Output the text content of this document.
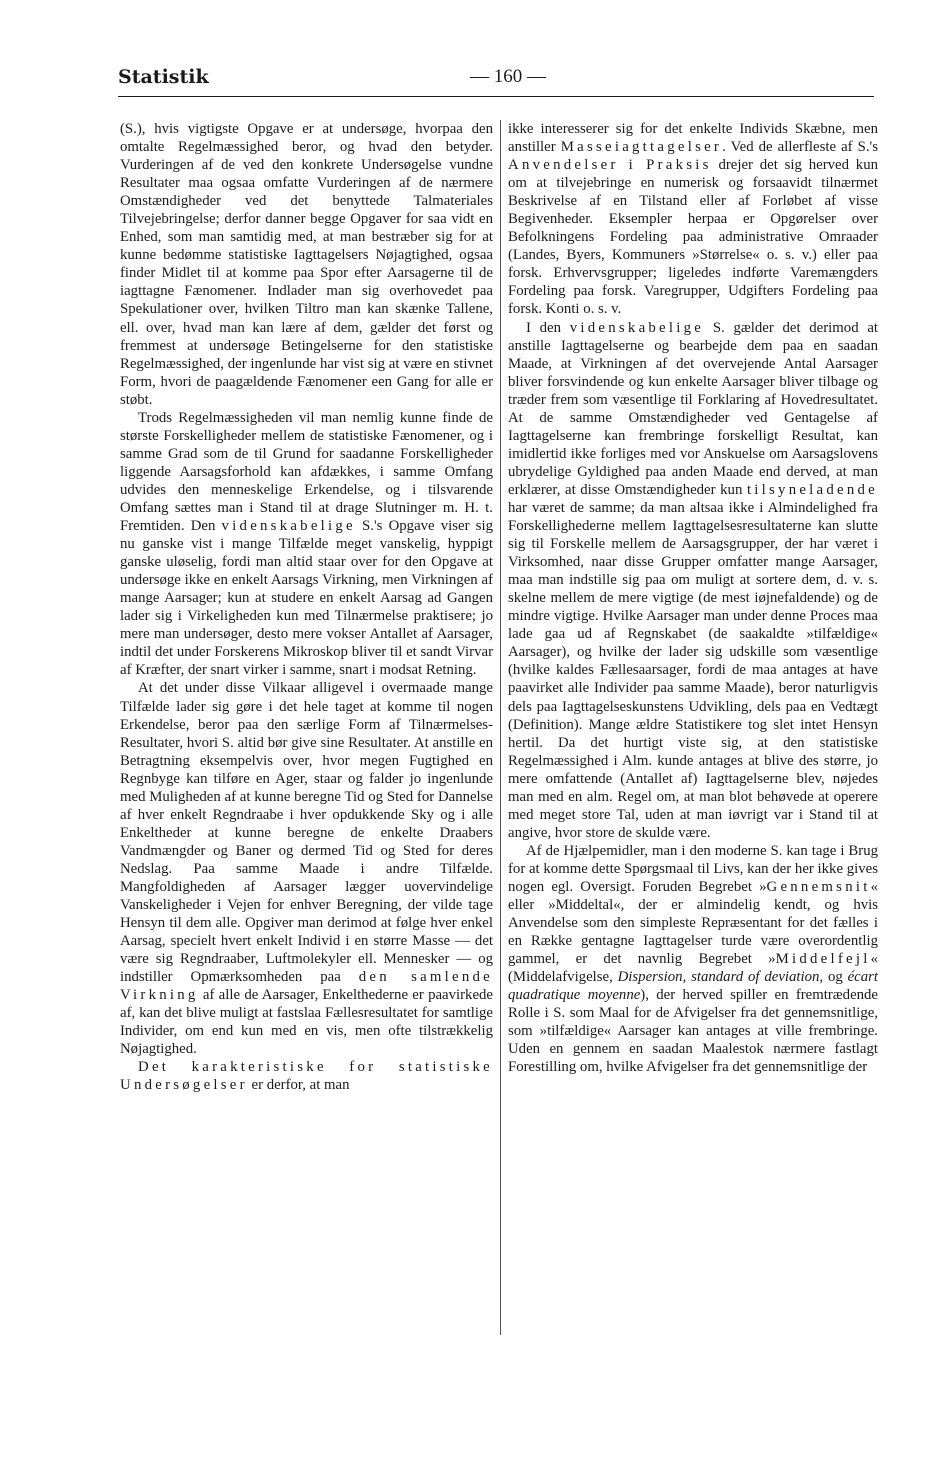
Statistik	— 160 —

(S.), hvis vigtigste Opgave er at undersøge, hvorpaa den omtalte Regelmæssighed beror, og hvad den betyder. Vurderingen af de ved den konkrete Undersøgelse vundne Resultater maa ogsaa omfatte Vurderingen af de nærmere Omstændigheder ved det benyttede Talmateriales Tilvejebringelse; derfor danner begge Opgaver for saa vidt en Enhed, som man samtidig med, at man bestræber sig for at kunne bedømme statistiske Iagttagelsers Nøjagtighed, ogsaa finder Midlet til at komme paa Spor efter Aarsagerne til de iagttagne Fænomener. Indlader man sig overhovedet paa Spekulationer over, hvilken Tiltro man kan skænke Tallene, ell. over, hvad man kan lære af dem, gælder det først og fremmest at undersøge Betingelserne for den statistiske Regelmæssighed, der ingenlunde har vist sig at være en stivnet Form, hvori de paagældende Fænomener een Gang for alle er støbt.

Trods Regelmæssigheden vil man nemlig kunne finde de største Forskelligheder mellem de statistiske Fænomener, og i samme Grad som de til Grund for saadanne Forskelligheder liggende Aarsagsforhold kan afdækkes, i samme Omfang udvides den menneskelige Erkendelse, og i tilsvarende Omfang sættes man i Stand til at drage Slutninger m. H. t. Fremtiden. Den videnskabelige S.'s Opgave viser sig nu ganske vist i mange Tilfælde meget vanskelig, hyppigt ganske uløselig, fordi man altid staar over for den Opgave at undersøge ikke en enkelt Aarsags Virkning, men Virkningen af mange Aarsager; kun at studere en enkelt Aarsag ad Gangen lader sig i Virkeligheden kun med Tilnærmelse praktisere; jo mere man undersøger, desto mere vokser Antallet af Aarsager, indtil det under Forskerens Mikroskop bliver til et sandt Virvar af Kræfter, der snart virker i samme, snart i modsat Retning.

At det under disse Vilkaar alligevel i overmaade mange Tilfælde lader sig gøre i det hele taget at komme til nogen Erkendelse, beror paa den særlige Form af Tilnærmelses-Resultater, hvori S. altid bør give sine Resultater. At anstille en Betragtning eksempelvis over, hvor megen Fugtighed en Regnbyge kan tilføre en Ager, staar og falder jo ingenlunde med Muligheden af at kunne beregne Tid og Sted for Dannelse af hver enkelt Regndraabe i hver opdukkende Sky og i alle Enkeltheder at kunne beregne de enkelte Draabers Vandmængder og Baner og dermed Tid og Sted for deres Nedslag. Paa samme Maade i andre Tilfælde. Mangfoldigheden af Aarsager lægger uovervindelige Vanskeligheder i Vejen for enhver Beregning, der vilde tage Hensyn til dem alle. Opgiver man derimod at følge hver enkel Aarsag, specielt hvert enkelt Individ i en større Masse — det være sig Regndraaber, Luftmolekyler ell. Mennesker — og indstiller Opmærksomheden paa den samlende Virkning af alle de Aarsager, Enkelthederne er paavirkede af, kan det blive muligt at fastslaa Fællesresultatet for samtlige Individer, om end kun med en vis, men ofte tilstrækkelig Nøjagtighed.

Det karakteristiske for statistiske Undersøgelser er derfor, at man

ikke interesserer sig for det enkelte Individs Skæbne, men anstiller Masseiagttagelser. Ved de allerfleste af S.'s Anvendelser i Praksis drejer det sig herved kun om at tilvejebringe en numerisk og forsaavidt tilnærmet Beskrivelse af en Tilstand eller af Forløbet af visse Begivenheder. Eksempler herpaa er Opgørelser over Befolkningens Fordeling paa administrative Omraader (Landes, Byers, Kommuners »Størrelse« o. s. v.) eller paa forsk. Erhvervsgrupper; ligeledes indførte Varemængders Fordeling paa forsk. Varegrupper, Udgifters Fordeling paa forsk. Konti o. s. v.

I den videnskabelige S. gælder det derimod at anstille Iagttagelserne og bearbejde dem paa en saadan Maade, at Virkningen af det overvejende Antal Aarsager bliver forsvindende og kun enkelte Aarsager bliver tilbage og træder frem som væsentlige til Forklaring af Hovedresultatet. At de samme Omstændigheder ved Gentagelse af Iagttagelserne kan frembringe forskelligt Resultat, kan imidlertid ikke forliges med vor Anskuelse om Aarsagslovens ubrydelige Gyldighed paa anden Maade end derved, at man erklærer, at disse Omstændigheder kun tilsyneladende har været de samme; da man altsaa ikke i Almindelighed fra Forskellighederne mellem Iagttagelsesresultaterne kan slutte sig til Forskelle mellem de Aarsagsgrupper, der har været i Virksomhed, naar disse Grupper omfatter mange Aarsager, maa man indstille sig paa om muligt at sortere dem, d. v. s. skelne mellem de mere vigtige (de mest iøjnefaldende) og de mindre vigtige. Hvilke Aarsager man under denne Proces maa lade gaa ud af Regnskabet (de saakaldte »tilfældige« Aarsager), og hvilke der lader sig udskille som væsentlige (hvilke kaldes Fællesaarsager, fordi de maa antages at have paavirket alle Individer paa samme Maade), beror naturligvis dels paa Iagttagelseskunstens Udvikling, dels paa en Vedtægt (Definition). Mange ældre Statistikere tog slet intet Hensyn hertil. Da det hurtigt viste sig, at den statistiske Regelmæssighed i Alm. kunde antages at blive des større, jo mere omfattende (Antallet af) Iagttagelserne blev, nøjedes man med en alm. Regel om, at man blot behøvede at operere med meget store Tal, uden at man iøvrigt var i Stand til at angive, hvor store de skulde være.

Af de Hjælpemidler, man i den moderne S. kan tage i Brug for at komme dette Spørgsmaal til Livs, kan der her ikke gives nogen egl. Oversigt. Foruden Begrebet »Gennemsnit« eller »Middeltal«, der er almindelig kendt, og hvis Anvendelse som den simpleste Repræsentant for det fælles i en Række gentagne Iagttagelser turde være overordentlig gammel, er det navnlig Begrebet »Middelfejl« (Middelafvigelse, Dispersion, standard of deviation, og écart quadratique moyenne), der herved spiller en fremtrædende Rolle i S. som Maal for de Afvigelser fra det gennemsnitlige, som »tilfældige« Aarsager kan antages at ville frembringe. Uden en gennem en saadan Maalestok nærmere fastlagt Forestilling om, hvilke Afvigelser fra det gennemsnitlige der
